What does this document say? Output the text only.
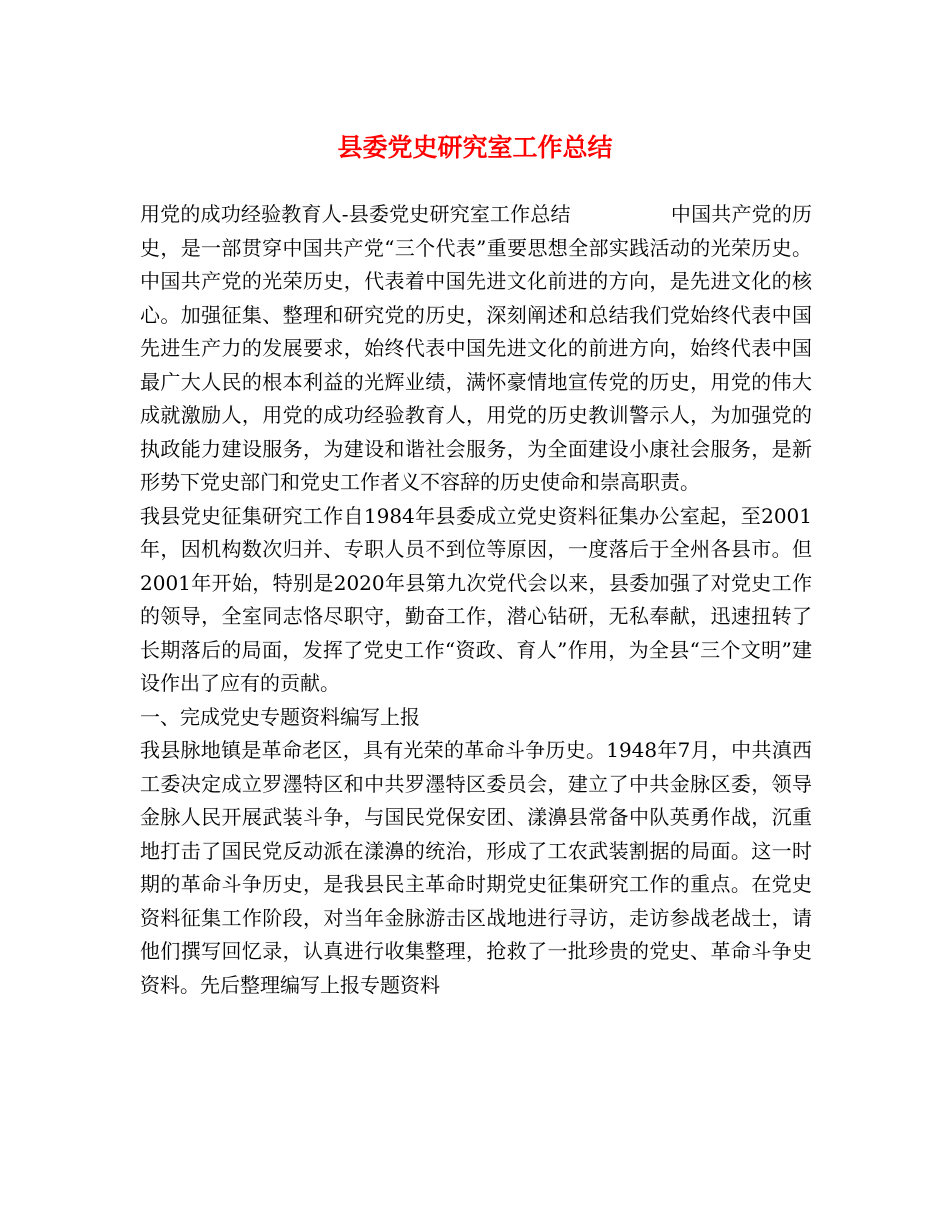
县委党史研究室工作总结

用党的成功经验教育人-县委党史研究室工作总结	中国共产党的历史，是一部贯穿中国共产党“三个代表”重要思想全部实践活动的光荣历史。中国共产党的光荣历史，代表着中国先进文化前进的方向，是先进文化的核心。加强征集、整理和研究党的历史，深刻阐述和总结我们党始终代表中国先进生产力的发展要求，始终代表中国先进文化的前进方向，始终代表中国最广大人民的根本利益的光辉业绩，满怀豪情地宣传党的历史，用党的伟大成就激励人，用党的成功经验教育人，用党的历史教训警示人，为加强党的执政能力建设服务，为建设和谐社会服务，为全面建设小康社会服务，是新形势下党史部门和党史工作者义不容辞的历史使命和崇高职责。

我县党史征集研究工作自1984年县委成立党史资料征集办公室起，至2001年，因机构数次归并、专职人员不到位等原因，一度落后于全州各县市。但2001年开始，特别是2020年县第九次党代会以来，县委加强了对党史工作的领导，全室同志恪尽职守，勤奋工作，潜心钻研，无私奉献，迅速扭转了长期落后的局面，发挥了党史工作“资政、育人”作用，为全县“三个文明”建设作出了应有的贡献。

一、完成党史专题资料编写上报

我县脉地镇是革命老区，具有光荣的革命斗争历史。1948年7月，中共滇西工委决定成立罗濹特区和中共罗濹特区委员会，建立了中共金脉区委，领导金脉人民开展武装斗争，与国民党保安团、漾濞县常备中队英勇作战，沉重地打击了国民党反动派在漾濞的统治，形成了工农武装割据的局面。这一时期的革命斗争历史，是我县民主革命时期党史征集研究工作的重点。在党史资料征集工作阶段，对当年金脉游击区战地进行寻访，走访参战老战士，请他们撰写回忆录，认真进行收集整理，抢救了一批珍贵的党史、革命斗争史资料。先后整理编写上报专题资料
